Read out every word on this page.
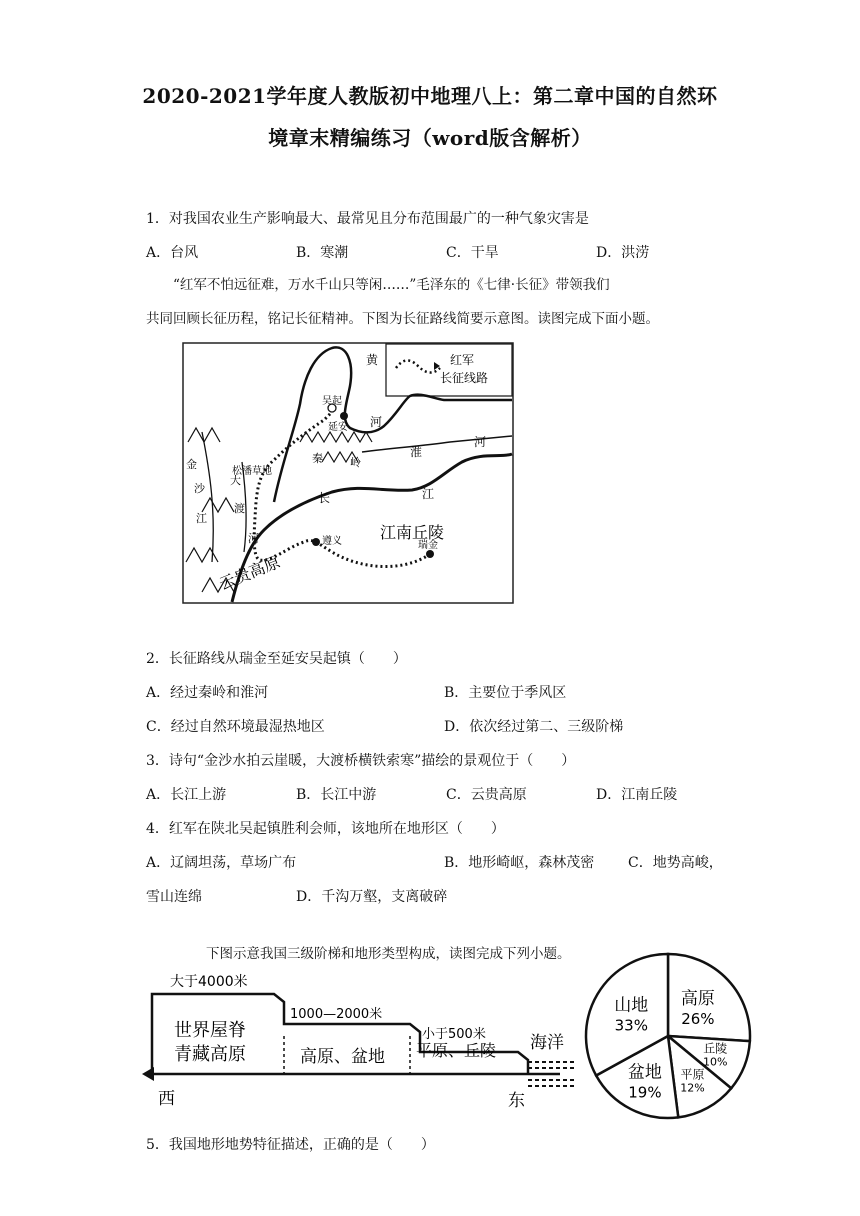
2020-2021学年度人教版初中地理八上：第二章中国的自然环
境章末精编练习（word版含解析）
1．对我国农业生产影响最大、最常见且分布范围最广的一种气象灾害是
A．台风	B．寒潮	C．干旱	D．洪涝
“红军不怕远征难，万水千山只等闲……”毛泽东的《七律·长征》带领我们
共同回顾长征历程，铭记长征精神。下图为长征路线简要示意图。读图完成下面小题。
红军
长征线路
黄
河
吴起
延安
淮
河
秦 岭
松潘草地
金
沙
江
大
渡
河
长	江
遵义 江南丘陵
瑞金
云贵高原
2．长征路线从瑞金至延安吴起镇（　　）
A．经过秦岭和淮河	B．主要位于季风区
C．经过自然环境最湿热地区	D．依次经过第二、三级阶梯
3．诗句“金沙水拍云崖暖，大渡桥横铁索寒”描绘的景观位于（　　）
A．长江上游	B．长江中游	C．云贵高原	D．江南丘陵
4．红军在陕北吴起镇胜利会师，该地所在地形区（　　）
A．辽阔坦荡，草场广布	B．地形崎岖，森林茂密 C．地势高峻，
雪山连绵	D．千沟万壑，支离破碎
下图示意我国三级阶梯和地形类型构成，读图完成下列小题。
大于4000米
世界屋脊
青藏高原
1000—2000米
高原、盆地
小于500米
平原、丘陵 海洋
西	东
高原
26%
丘陵
10%
平原
12%
盆地
19%
山地
33%
5．我国地形地势特征描述，正确的是（　　）
